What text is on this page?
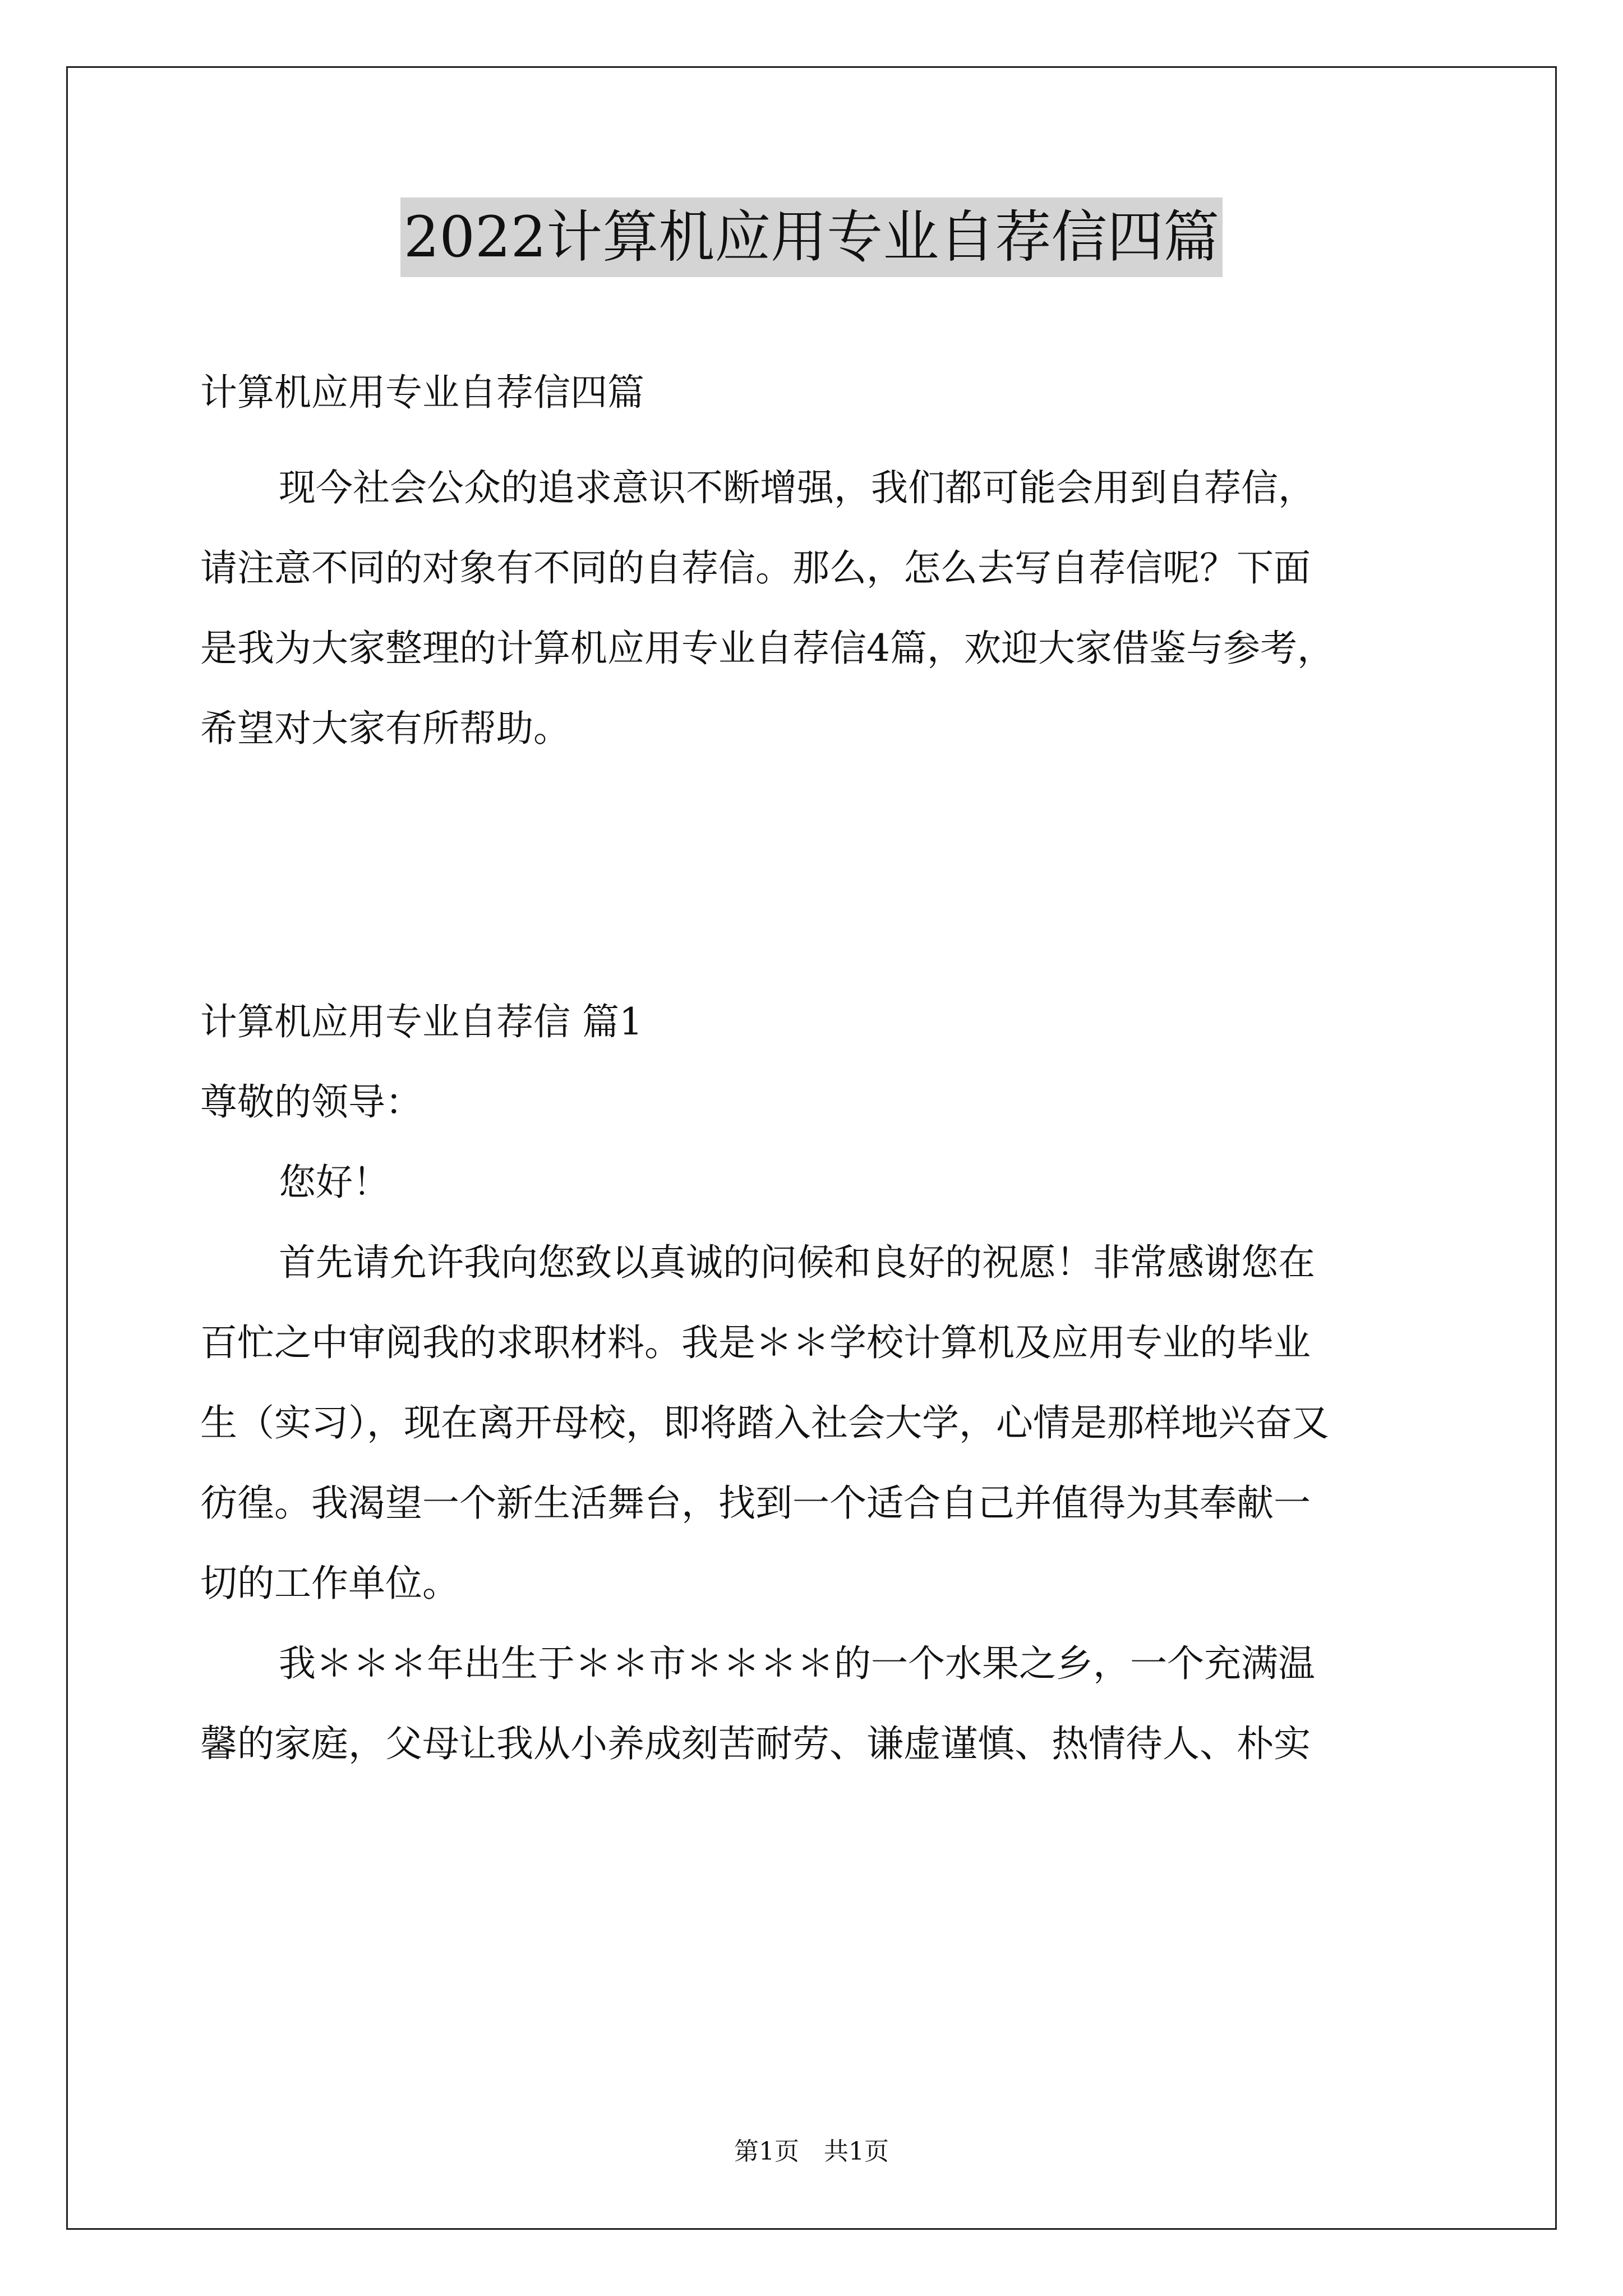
2022计算机应用专业自荐信四篇

计算机应用专业自荐信四篇

现今社会公众的追求意识不断增强，我们都可能会用到自荐信，

请注意不同的对象有不同的自荐信。那么，怎么去写自荐信呢？下面

是我为大家整理的计算机应用专业自荐信4篇，欢迎大家借鉴与参考，

希望对大家有所帮助。

计算机应用专业自荐信 篇1

尊敬的领导：

您好！

首先请允许我向您致以真诚的问候和良好的祝愿！非常感谢您在

百忙之中审阅我的求职材料。我是＊＊学校计算机及应用专业的毕业

生（实习），现在离开母校，即将踏入社会大学，心情是那样地兴奋又

彷徨。我渴望一个新生活舞台，找到一个适合自己并值得为其奉献一

切的工作单位。

我＊＊＊年出生于＊＊市＊＊＊＊的一个水果之乡，一个充满温

馨的家庭，父母让我从小养成刻苦耐劳、谦虚谨慎、热情待人、朴实

第1页　共1页
